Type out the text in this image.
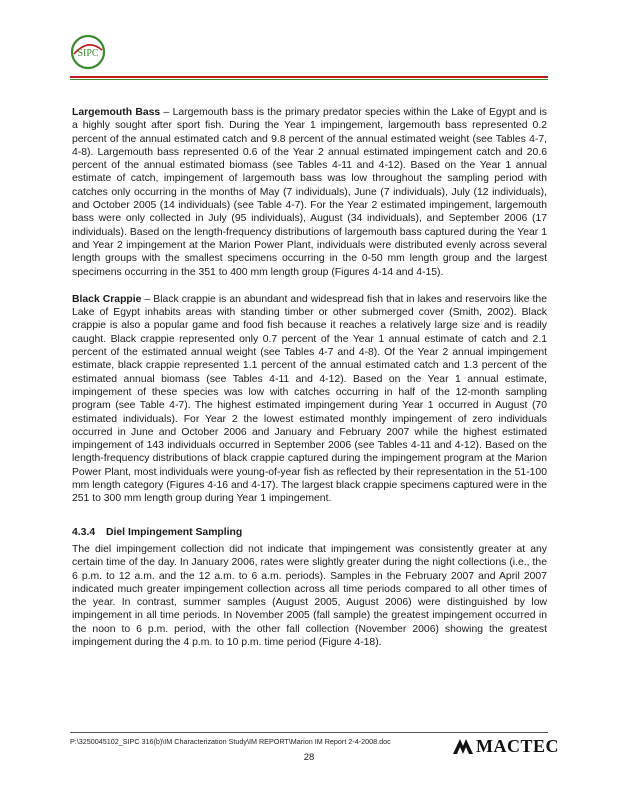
SIPC

Largemouth Bass – Largemouth bass is the primary predator species within the Lake of Egypt and is a highly sought after sport fish. During the Year 1 impingement, largemouth bass represented 0.2 percent of the annual estimated catch and 9.8 percent of the annual estimated weight (see Tables 4-7, 4-8). Largemouth bass represented 0.6 of the Year 2 annual estimated impingement catch and 20.6 percent of the annual estimated biomass (see Tables 4-11 and 4-12). Based on the Year 1 annual estimate of catch, impingement of largemouth bass was low throughout the sampling period with catches only occurring in the months of May (7 individuals), June (7 individuals), July (12 individuals), and October 2005 (14 individuals) (see Table 4-7). For the Year 2 estimated impingement, largemouth bass were only collected in July (95 individuals), August (34 individuals), and September 2006 (17 individuals). Based on the length-frequency distributions of largemouth bass captured during the Year 1 and Year 2 impingement at the Marion Power Plant, individuals were distributed evenly across several length groups with the smallest specimens occurring in the 0-50 mm length group and the largest specimens occurring in the 351 to 400 mm length group (Figures 4-14 and 4-15).

Black Crappie – Black crappie is an abundant and widespread fish that in lakes and reservoirs like the Lake of Egypt inhabits areas with standing timber or other submerged cover (Smith, 2002). Black crappie is also a popular game and food fish because it reaches a relatively large size and is readily caught. Black crappie represented only 0.7 percent of the Year 1 annual estimate of catch and 2.1 percent of the estimated annual weight (see Tables 4-7 and 4-8). Of the Year 2 annual impingement estimate, black crappie represented 1.1 percent of the annual estimated catch and 1.3 percent of the estimated annual biomass (see Tables 4-11 and 4-12). Based on the Year 1 annual estimate, impingement of these species was low with catches occurring in half of the 12-month sampling program (see Table 4-7). The highest estimated impingement during Year 1 occurred in August (70 estimated individuals). For Year 2 the lowest estimated monthly impingement of zero individuals occurred in June and October 2006 and January and February 2007 while the highest estimated impingement of 143 individuals occurred in September 2006 (see Tables 4-11 and 4-12). Based on the length-frequency distributions of black crappie captured during the impingement program at the Marion Power Plant, most individuals were young-of-year fish as reflected by their representation in the 51-100 mm length category (Figures 4-16 and 4-17). The largest black crappie specimens captured were in the 251 to 300 mm length group during Year 1 impingement.

4.3.4 Diel Impingement Sampling

The diel impingement collection did not indicate that impingement was consistently greater at any certain time of the day. In January 2006, rates were slightly greater during the night collections (i.e., the 6 p.m. to 12 a.m. and the 12 a.m. to 6 a.m. periods). Samples in the February 2007 and April 2007 indicated much greater impingement collection across all time periods compared to all other times of the year. In contrast, summer samples (August 2005, August 2006) were distinguished by low impingement in all time periods. In November 2005 (fall sample) the greatest impingement occurred in the noon to 6 p.m. period, with the other fall collection (November 2006) showing the greatest impingement during the 4 p.m. to 10 p.m. time period (Figure 4-18).

P:\3250045102_SIPC 316(b)\IM Characterization Study\IM REPORT\Marion IM Report 2-4-2008.doc
28
MACTEC
